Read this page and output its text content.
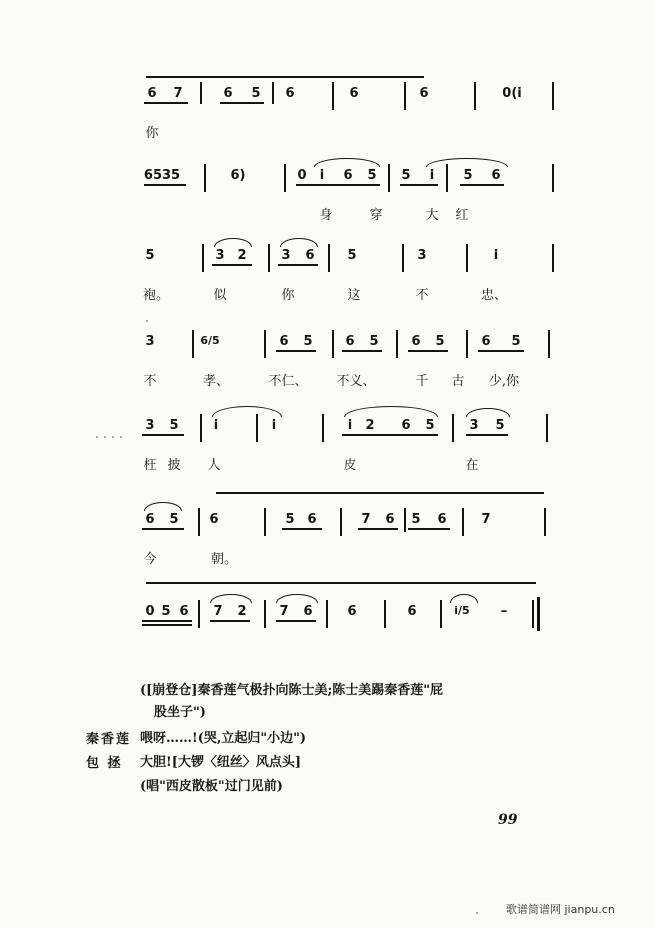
6 7	6 5 6	6	6	0(i
你
6535	6)	0 i 6 5 5 i 5 6
身	穿	大 红
5	3 2	3 6	5	3	i
袍。	似	你	这	不	忠、
3	6/5	6 5	6 5	6 5	6 5
不	孝、	不仁、 不义、	千 古 少,你
3 5	i	i	i 2 6 5	3 5
枉 披 人	皮	在
6 5 6	5 6	7 6 5 6	7
今	朝。
0 5 6 7 2	7 6	6	6	i/5 –
([崩登仓]秦香莲气极扑向陈士美;陈士美踢秦香莲"屁
股坐子")
秦香莲 喂呀……!(哭,立起归"小边")
包 拯 大胆![大锣〈纽丝〉风点头]
(唱"西皮散板"过门见前)
99
歌谱简谱网 jianpu.cn
